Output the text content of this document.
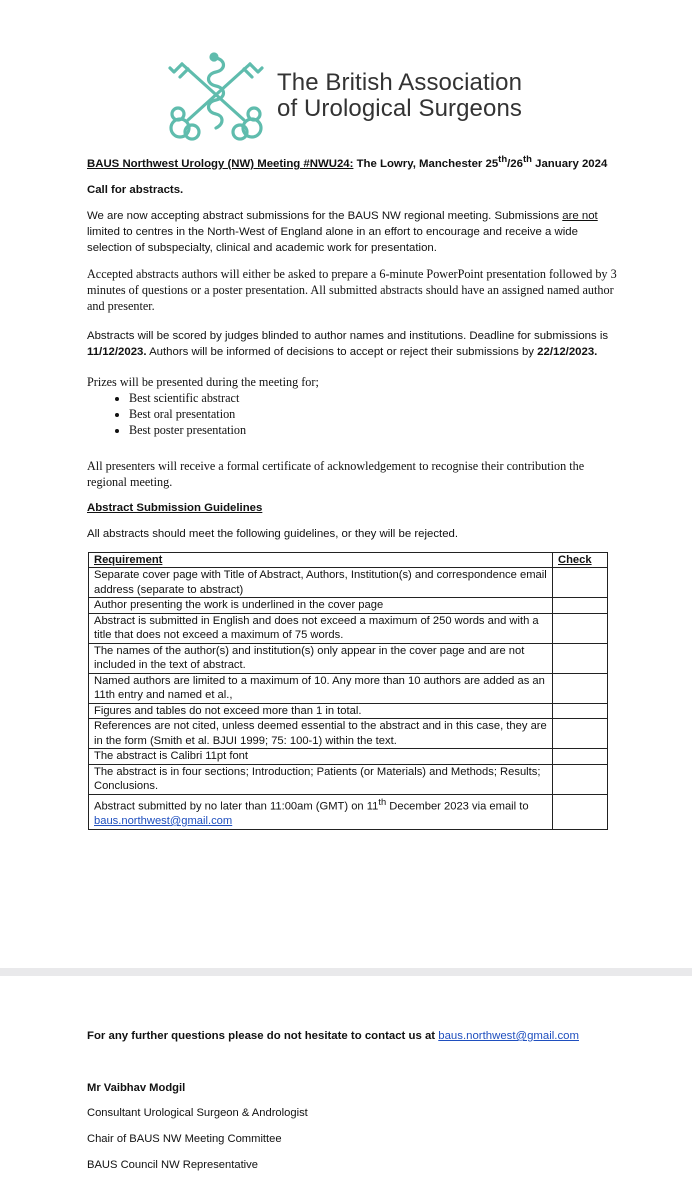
The British Association
of Urological Surgeons

BAUS Northwest Urology (NW) Meeting #NWU24: The Lowry, Manchester 25th/26th January 2024

Call for abstracts.

We are now accepting abstract submissions for the BAUS NW regional meeting. Submissions are not limited to centres in the North-West of England alone in an effort to encourage and receive a wide selection of subspecialty, clinical and academic work for presentation.

Accepted abstracts authors will either be asked to prepare a 6-minute PowerPoint presentation followed by 3 minutes of questions or a poster presentation. All submitted abstracts should have an assigned named author and presenter.

Abstracts will be scored by judges blinded to author names and institutions. Deadline for submissions is 11/12/2023. Authors will be informed of decisions to accept or reject their submissions by 22/12/2023.

Prizes will be presented during the meeting for;

• Best scientific abstract
• Best oral presentation
• Best poster presentation

All presenters will receive a formal certificate of acknowledgement to recognise their contribution the regional meeting.

Abstract Submission Guidelines

All abstracts should meet the following guidelines, or they will be rejected.

Requirement	Check
Separate cover page with Title of Abstract, Authors, Institution(s) and correspondence email address (separate to abstract)	
Author presenting the work is underlined in the cover page	
Abstract is submitted in English and does not exceed a maximum of 250 words and with a title that does not exceed a maximum of 75 words.	
The names of the author(s) and institution(s) only appear in the cover page and are not included in the text of abstract.	
Named authors are limited to a maximum of 10. Any more than 10 authors are added as an 11th entry and named et al.,	
Figures and tables do not exceed more than 1 in total.	
References are not cited, unless deemed essential to the abstract and in this case, they are in the form (Smith et al. BJUI 1999; 75: 100-1) within the text.	
The abstract is Calibri 11pt font	
The abstract is in four sections; Introduction; Patients (or Materials) and Methods; Results; Conclusions.	
Abstract submitted by no later than 11:00am (GMT) on 11th December 2023 via email to
baus.northwest@gmail.com	
For any further questions please do not hesitate to contact us at baus.northwest@gmail.com
Mr Vaibhav Modgil
Consultant Urological Surgeon & Andrologist
Chair of BAUS NW Meeting Committee
BAUS Council NW Representative
